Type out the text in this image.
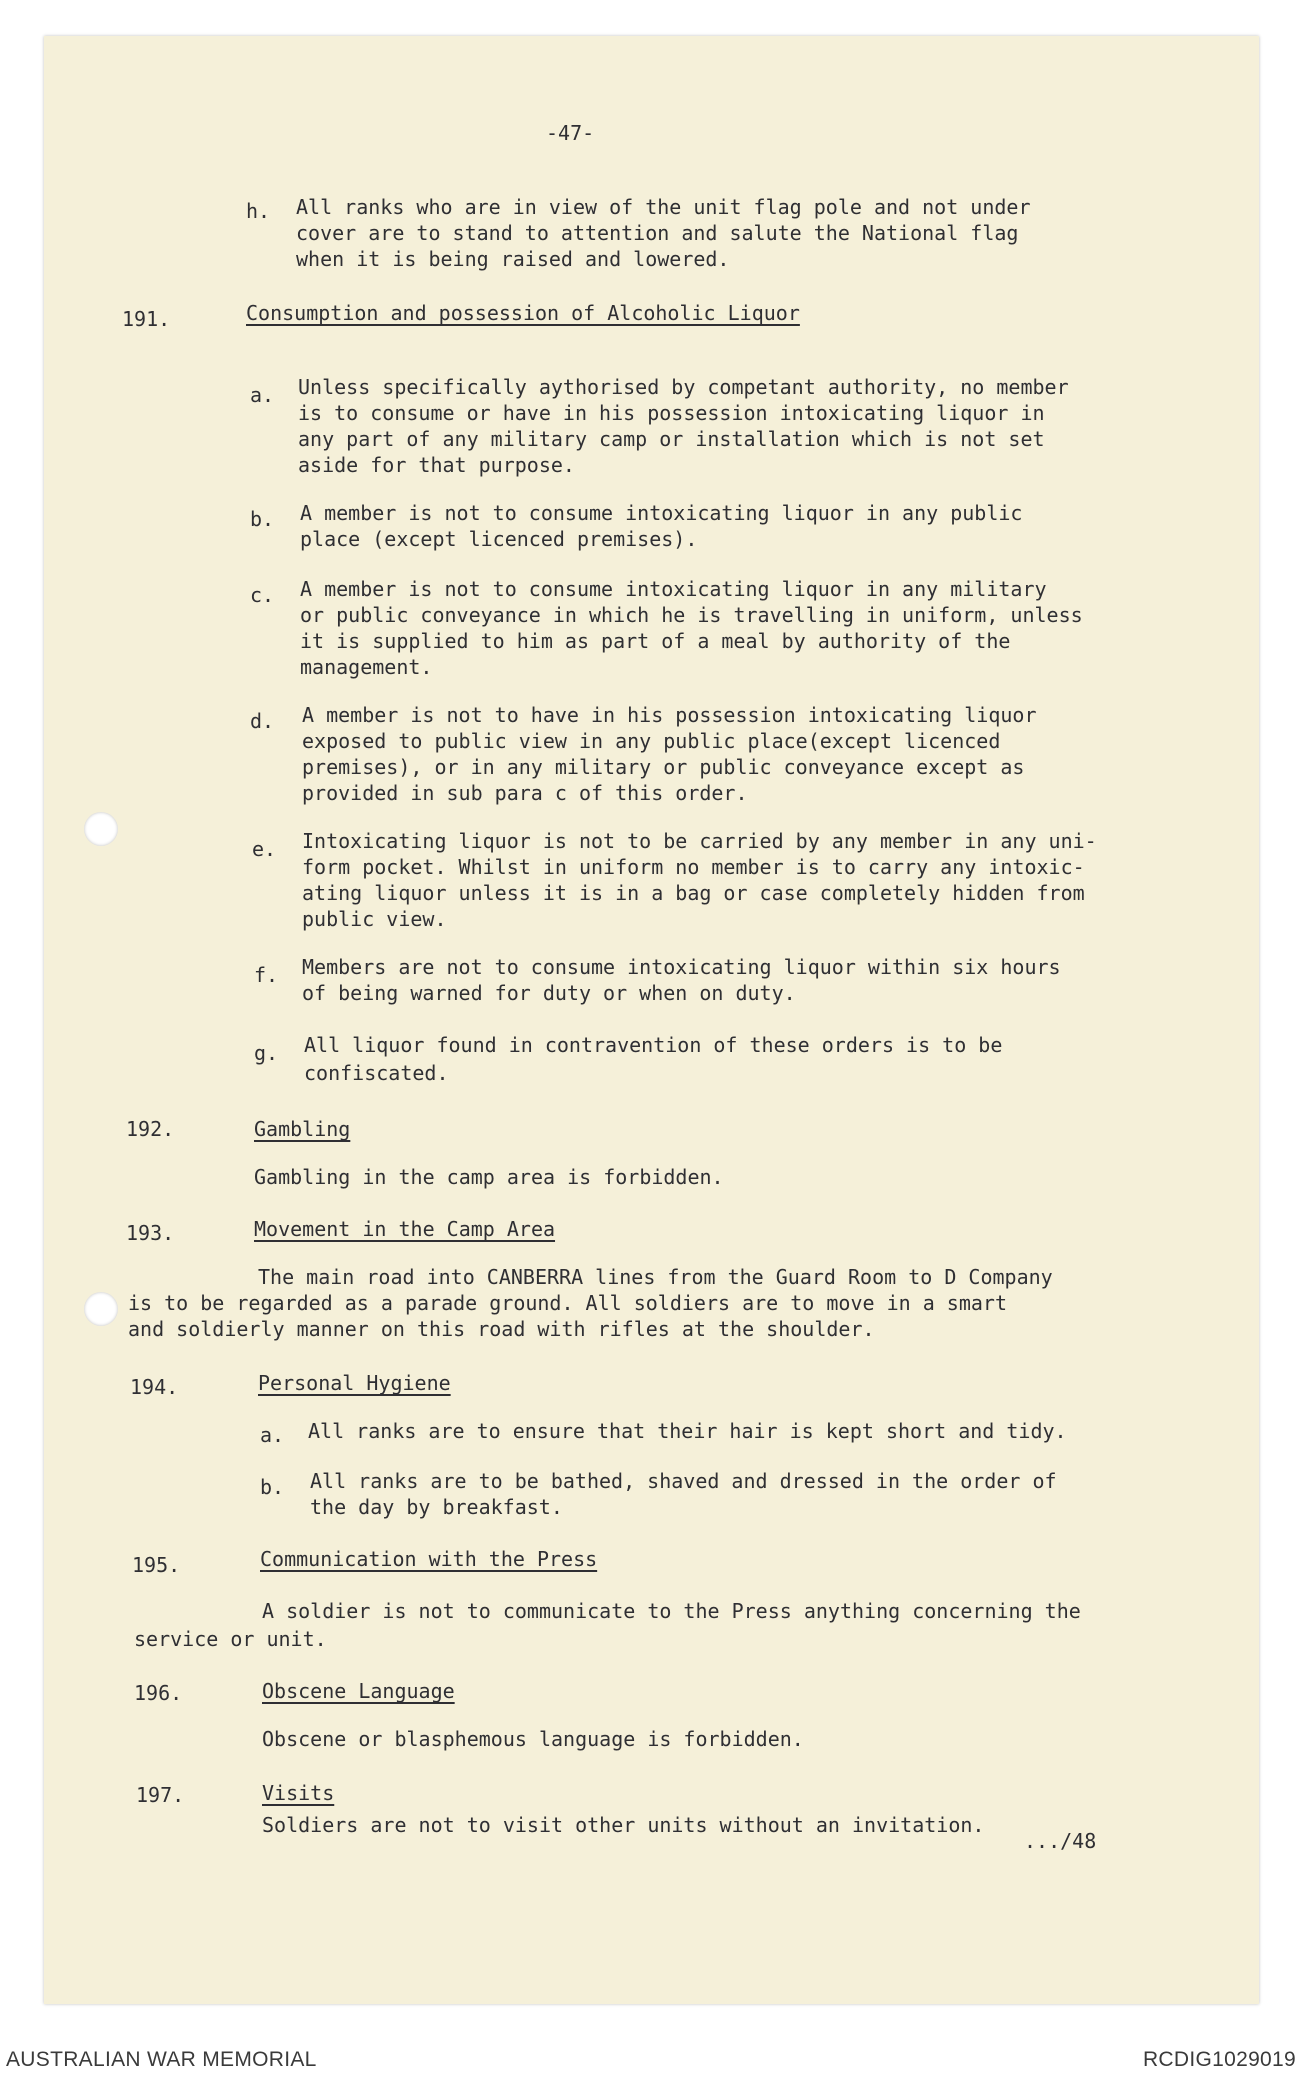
-47-
h. All ranks who are in view of the unit flag pole and not under
cover are to stand to attention and salute the National flag
when it is being raised and lowered.
191.	Consumption and possession of Alcoholic Liquor
a. Unless specifically aythorised by competant authority, no member
is to consume or have in his possession intoxicating liquor in
any part of any military camp or installation which is not set
aside for that purpose.
b. A member is not to consume intoxicating liquor in any public
place (except licenced premises).
c. A member is not to consume intoxicating liquor in any military
or public conveyance in which he is travelling in uniform, unless
it is supplied to him as part of a meal by authority of the
management.
d. A member is not to have in his possession intoxicating liquor
exposed to public view in any public place(except licenced
premises), or in any military or public conveyance except as
provided in sub para c of this order.
e. Intoxicating liquor is not to be carried by any member in any uni-
form pocket. Whilst in uniform no member is to carry any intoxic-
ating liquor unless it is in a bag or case completely hidden from
public view.
f. Members are not to consume intoxicating liquor within six hours
of being warned for duty or when on duty.
g. All liquor found in contravention of these orders is to be
confiscated.
192.	Gambling
Gambling in the camp area is forbidden.
193.	Movement in the Camp Area
The main road into CANBERRA lines from the Guard Room to D Company
is to be regarded as a parade ground. All soldiers are to move in a smart
and soldierly manner on this road with rifles at the shoulder.
194.	Personal Hygiene
a. All ranks are to ensure that their hair is kept short and tidy.
b. All ranks are to be bathed, shaved and dressed in the order of
the day by breakfast.
195.	Communication with the Press
A soldier is not to communicate to the Press anything concerning the
service or unit.
196.	Obscene Language
Obscene or blasphemous language is forbidden.
197.	Visits
Soldiers are not to visit other units without an invitation.
.../48
AUSTRALIAN WAR MEMORIAL	RCDIG1029019
